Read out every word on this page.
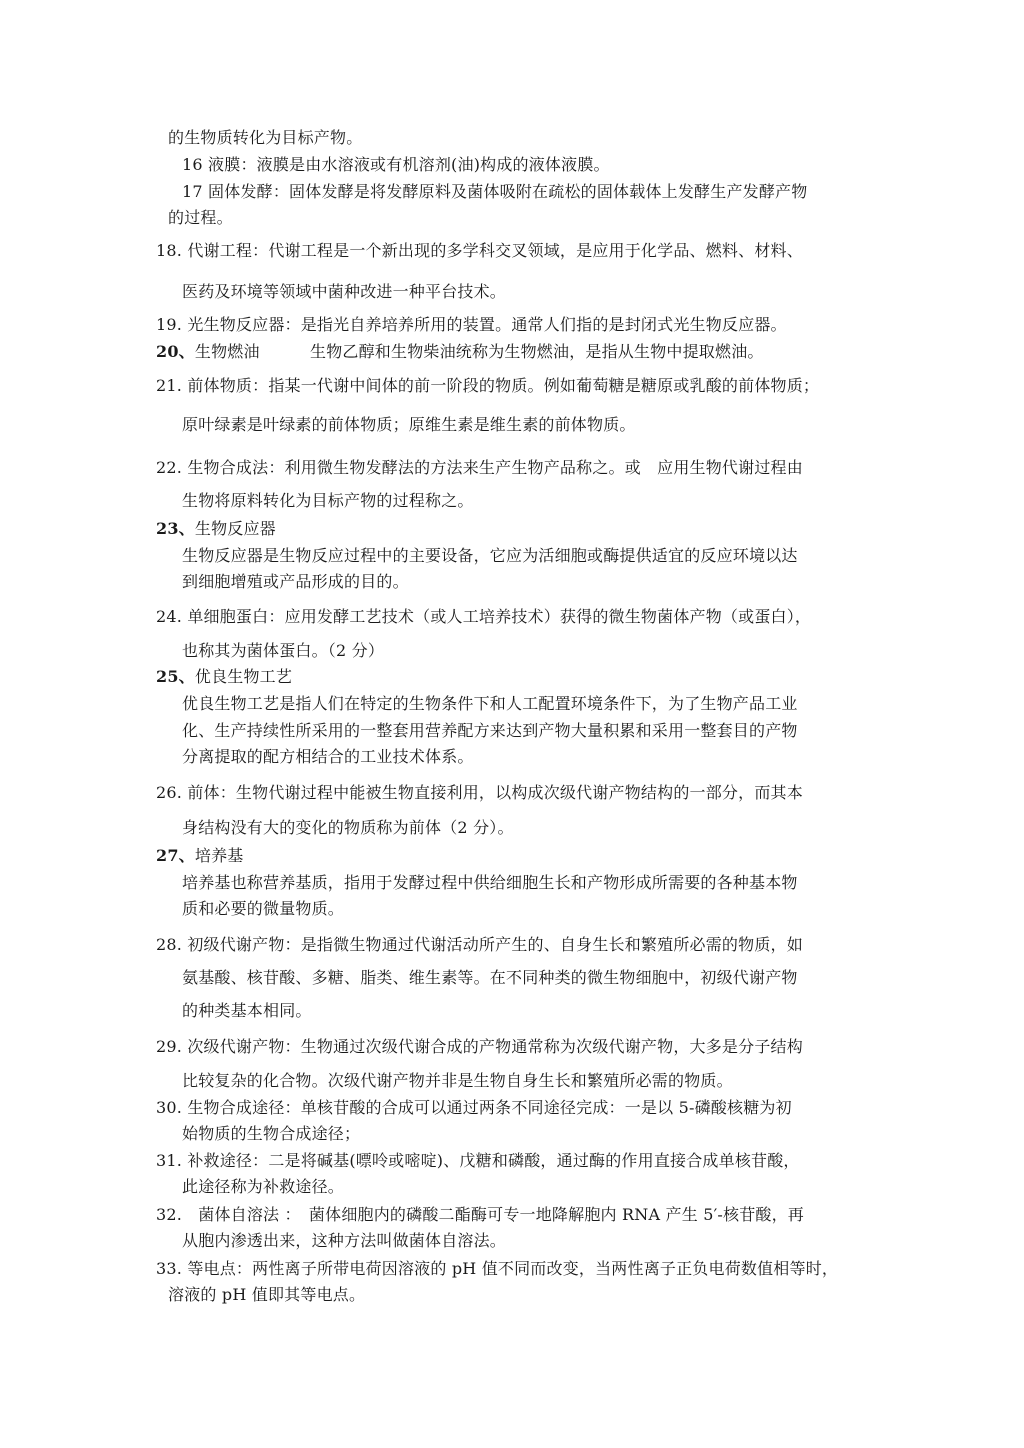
的生物质转化为目标产物。
16 液膜：液膜是由水溶液或有机溶剂(油)构成的液体液膜。
17 固体发酵：固体发酵是将发酵原料及菌体吸附在疏松的固体载体上发酵生产发酵产物
的过程。
18. 代谢工程：代谢工程是一个新出现的多学科交叉领域，是应用于化学品、燃料、材料、
医药及环境等领域中菌种改进一种平台技术。
19. 光生物反应器：是指光自养培养所用的装置。通常人们指的是封闭式光生物反应器。
20、生物燃油	生物乙醇和生物柴油统称为生物燃油，是指从生物中提取燃油。
21. 前体物质：指某一代谢中间体的前一阶段的物质。例如葡萄糖是糖原或乳酸的前体物质；
原叶绿素是叶绿素的前体物质；原维生素是维生素的前体物质。
22. 生物合成法：利用微生物发酵法的方法来生产生物产品称之。或　应用生物代谢过程由
生物将原料转化为目标产物的过程称之。
23、生物反应器
生物反应器是生物反应过程中的主要设备，它应为活细胞或酶提供适宜的反应环境以达
到细胞增殖或产品形成的目的。
24. 单细胞蛋白：应用发酵工艺技术（或人工培养技术）获得的微生物菌体产物（或蛋白），
也称其为菌体蛋白。（2 分）
25、优良生物工艺
优良生物工艺是指人们在特定的生物条件下和人工配置环境条件下，为了生物产品工业
化、生产持续性所采用的一整套用营养配方来达到产物大量积累和采用一整套目的产物
分离提取的配方相结合的工业技术体系。
26. 前体：生物代谢过程中能被生物直接利用，以构成次级代谢产物结构的一部分，而其本
身结构没有大的变化的物质称为前体（2 分）。
27、培养基
培养基也称营养基质，指用于发酵过程中供给细胞生长和产物形成所需要的各种基本物
质和必要的微量物质。
28. 初级代谢产物：是指微生物通过代谢活动所产生的、自身生长和繁殖所必需的物质，如
氨基酸、核苷酸、多糖、脂类、维生素等。在不同种类的微生物细胞中，初级代谢产物
的种类基本相同。
29. 次级代谢产物：生物通过次级代谢合成的产物通常称为次级代谢产物，大多是分子结构
比较复杂的化合物。次级代谢产物并非是生物自身生长和繁殖所必需的物质。
30. 生物合成途径：单核苷酸的合成可以通过两条不同途径完成：一是以 5-磷酸核糖为初
始物质的生物合成途径；
31. 补救途径：二是将碱基(嘌呤或嘧啶)、戊糖和磷酸，通过酶的作用直接合成单核苷酸，
此途径称为补救途径。
32.　菌体自溶法 ：　菌体细胞内的磷酸二酯酶可专一地降解胞内 RNA 产生 5′-核苷酸，再
从胞内渗透出来，这种方法叫做菌体自溶法。
33. 等电点：两性离子所带电荷因溶液的 pH 值不同而改变，当两性离子正负电荷数值相等时，
溶液的 pH 值即其等电点。
